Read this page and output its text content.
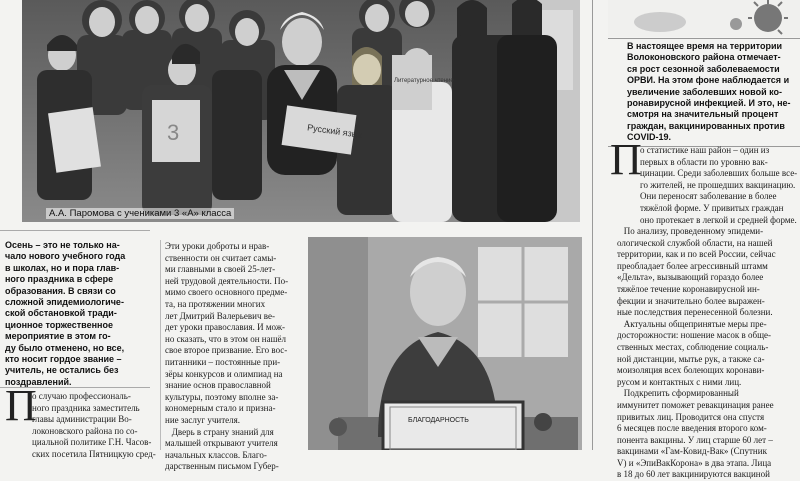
Русский язык
Литературное чтение
3
А.А. Паромова с учениками 3 «А» класса
Осень – это не только на-
чало нового учебного года
в школах, но и пора глав-
ного праздника в сфере
образования. В связи со
сложной эпидемиологиче-
ской обстановкой тради-
ционное торжественное
мероприятие в этом го-
ду было отменено, но все,
кто носит гордое звание –
учитель, не остались без
поздравлений.
П
о случаю профессиональ-
ного праздника заместитель
главы администрации Во-
локоновского района по со-
циальной политике Г.Н. Часов-
ских посетила Пятницкую сред-
Эти уроки доброты и нрав-
ственности он считает самы-
ми главными в своей 25-лет-
ней трудовой деятельности. По-
мимо своего основного предме-
та, на протяжении многих
лет Дмитрий Валерьевич ве-
дет уроки православия. И мож-
но сказать, что в этом он нашёл
свое второе призвание. Его вос-
питанники – постоянные при-
зёры конкурсов и олимпиад на
знание основ православной
культуры, поэтому вполне за-
кономерным стало и призна-
ние заслуг учителя.
Дверь в страну знаний для
малышей открывают учителя
начальных классов. Благо-
дарственным письмом Губер-
БЛАГОДАРНОСТЬ
В настоящее время на территории
Волоконовского района отмечает-
ся рост сезонной заболеваемости
ОРВИ. На этом фоне наблюдается и
увеличение заболевших новой ко-
ронавирусной инфекцией. И это, не-
смотря на значительный процент
граждан, вакцинированных против
COVID-19.
П
о статистике наш район – один из
первых в области по уровню вак-
цинации. Среди заболевших больше все-
го жителей, не прошедших вакцинацию.
Они переносят заболевание в более
тяжёлой форме. У привитых граждан
оно протекает в легкой и средней форме.
По анализу, проведенному эпидеми-
ологической службой области, на нашей
территории, как и по всей России, сейчас
преобладает более агрессивный штамм
«Дельта», вызывающий гораздо более
тяжёлое течение коронавирусной ин-
фекции и значительно более выражен-
ные последствия перенесенной болезни.
Актуальны общепринятые меры пре-
досторожности: ношение масок в обще-
ственных местах, соблюдение социаль-
ной дистанции, мытье рук, а также са-
моизоляция всех болеющих коронави-
русом и контактных с ними лиц.
Подкрепить сформированный
иммунитет поможет ревакцинация ранее
привитых лиц. Проводится она спустя
6 месяцев после введения второго ком-
понента вакцины. У лиц старше 60 лет –
вакцинами «Гам-Ковид-Вак» (Спутник
V) и «ЭпиВакКорона» в два этапа. Лица
в 18 до 60 лет вакцинируются вакциной
